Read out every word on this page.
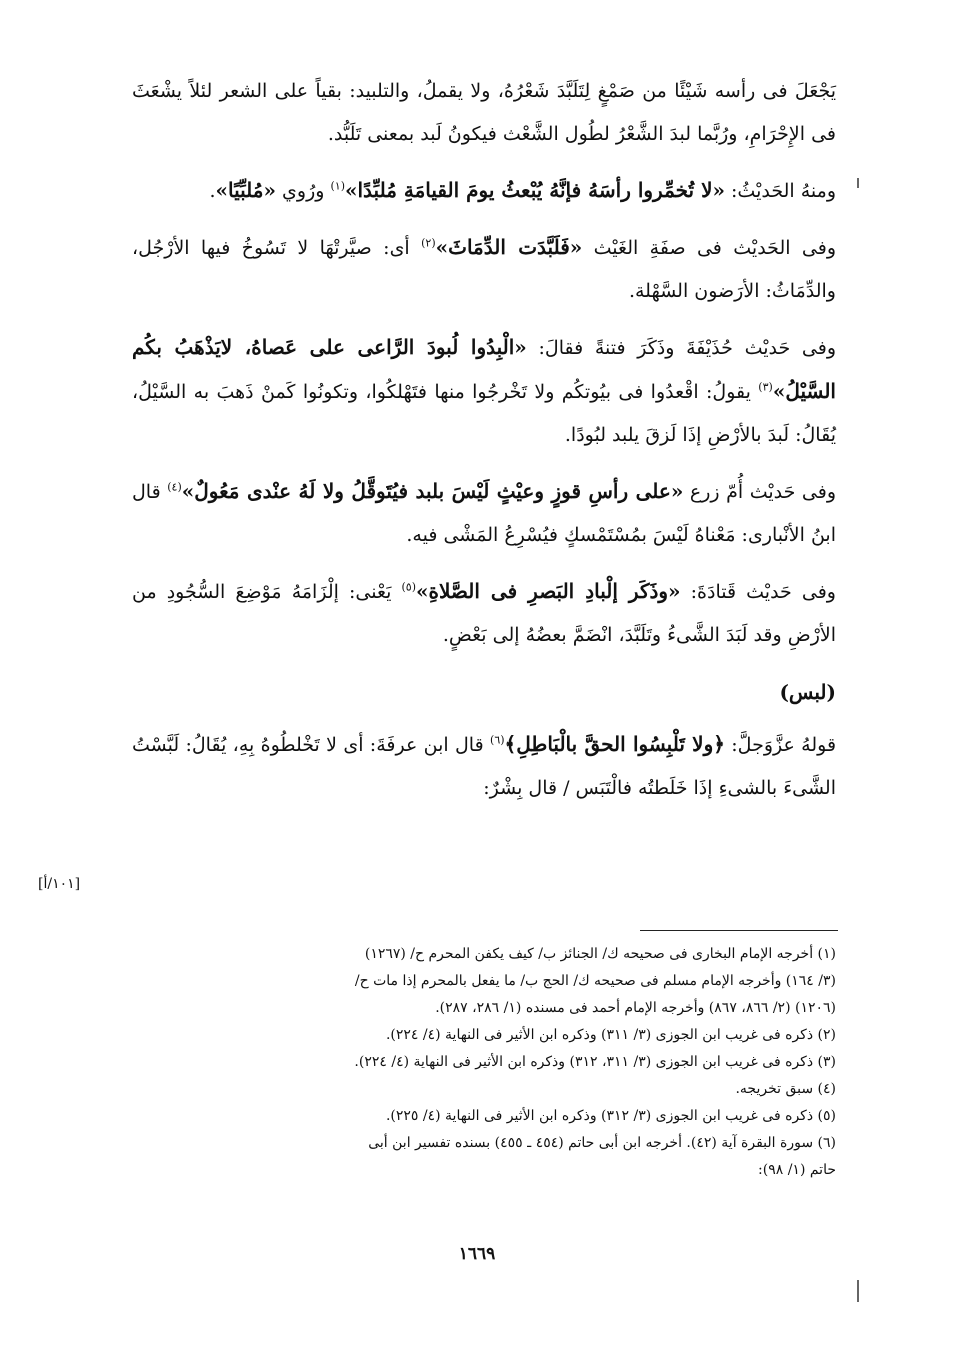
يَجْعَلَ فى رأسه شَيْئًا من صَمْغٍ لِتَلَبَّدَ شَعْرُهُ، ولا يقملُ، والتلبيد: بقياً على الشعر لئلاً يشْعَثَ فى الإِحْرَامِ، ورُبَّما لبدَ الشَّعْرُ لطُول الشَّعْث فيكونُ لَبد بمعنى تَلَبُّد.

ومنهُ الحَديْثُ: «لا تُخمِّروا رأسَهُ فإنَّهُ يُبْعثُ يومَ القيامَةِ مُلبِّدًا»$^{(١)}$ ورُوي «مُلبِّيًا».

وفى الحَديْث فى صفَةِ الغَيْث «فَلَبَّدَت الدِّمَاثَ»$^{(٢)}$ أى: صيَّرتْهَا لا تَسُوخُ فيها الأرْجُل، والدِّمَاثُ: الأرَضون السَّهْلة.

وفى حَديْث حُذَيْفَةَ وذَكَرَ فتنةً فقالَ: «الْبِدُوا لُبودَ الرَّاعى على عَصاهُ، لايَذْهَبُ بكُم السَّيْلُ»$^{(٣)}$ يقولُ: اقْعدُوا فى بيُوتكُم ولا تَخْرجُوا منها فتَهْلكُوا، وتكونُوا كَمنْ ذَهبَ به السَّيْلُ، يُقَالُ: لَبدَ بالأرْضِ إذَا لَزقَ يلبد لبُودًا.

وفى حَديْث أُمّ زرع «على رأسِ قوزٍ وعيْثٍ لَيْسَ بلبد فيُتَوقَّلُ ولا لَهُ عنْدى مَعُولٌ»$^{(٤)}$ قال ابنُ الأنْبارى: مَعْناهُ لَيْسَ بمُسْتَمْسكٍ فيُسْرِعُ المَشْى فيه.

وفى حَديْث قَتادَةَ: «وذَكَر إلْبادِ البَصرِ فى الصَّلاةِ»$^{(٥)}$ يَعْنى: إلْزَامَهُ مَوْضِعَ السُّجُودِ من الأرْضِ وقد لَبَدَ الشَّىءُ وتَلَبَّدَ، انْضَمَّ بعضُهُ إلى بَعْضٍ.

(لبس)

قولهُ عزَّوَجلَّ: ﴿ولا تَلْبِسُوا الحقَّ بالْبَاطِلِ﴾$^{(٦)}$ قال ابن عرفَةَ: أى لا تَخْلطُوهُ بِهِ، يُقَالُ: لَبَّسْتُ الشَّىءَ بالشىءِ إذَا خَلَطتُه فالْتَبَس / قال بِشْرٌ:

[١٠١/أ]

(١) أخرجه الإمام البخارى فى صحيحه ك/ الجنائز ب/ كيف يكفن المحرم ح/ (١٢٦٧)

(٣/ ١٦٤) وأخرجه الإمام مسلم فى صحيحه ك/ الحج ب/ ما يفعل بالمحرم إذا مات ح/

(١٢٠٦) (٢/ ٨٦٦، ٨٦٧) وأخرجه الإمام أحمد فى مسنده (١/ ٢٨٦، ٢٨٧).

(٢) ذكره فى غريب ابن الجوزى (٣/ ٣١١) وذكره ابن الأثير فى النهاية (٤/ ٢٢٤).

(٣) ذكره فى غريب ابن الجوزى (٣/ ٣١١، ٣١٢) وذكره ابن الأثير فى النهاية (٤/ ٢٢٤).

(٤) سبق تخريجه.

(٥) ذكره فى غريب ابن الجوزى (٣/ ٣١٢) وذكره ابن الأثير فى النهاية (٤/ ٢٢٥).

(٦) سورة البقرة آية (٤٢). أخرجه ابن أبى حاتم (٤٥٤ ـ ٤٥٥) بسنده تفسير ابن أبى

حاتم (١/ ٩٨):

١٦٦٩
